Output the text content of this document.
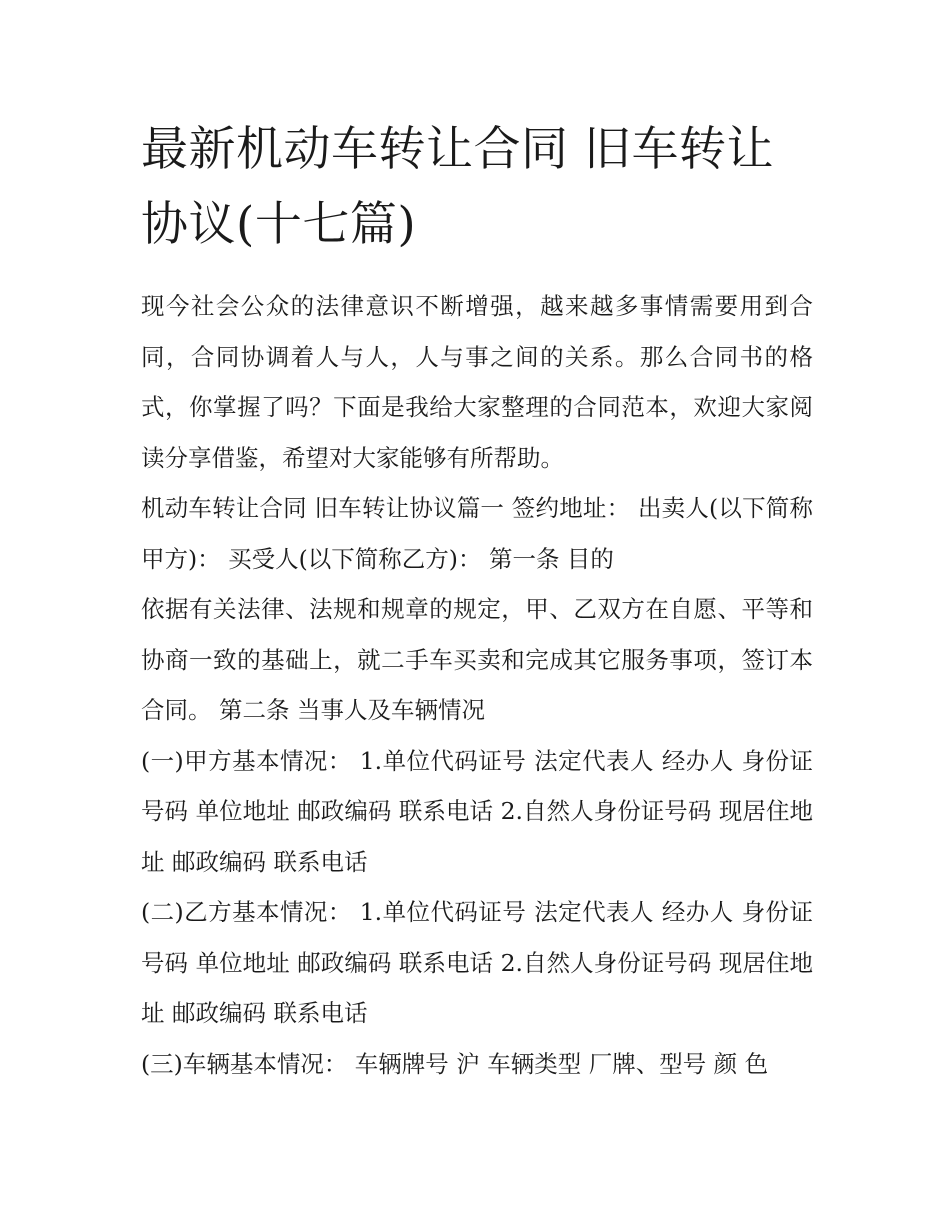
最新机动车转让合同 旧车转让协议(十七篇)

现今社会公众的法律意识不断增强，越来越多事情需要用到合同，合同协调着人与人，人与事之间的关系。那么合同书的格式，你掌握了吗？下面是我给大家整理的合同范本，欢迎大家阅读分享借鉴，希望对大家能够有所帮助。

机动车转让合同 旧车转让协议篇一 签约地址： 出卖人(以下简称甲方)： 买受人(以下简称乙方)： 第一条 目的

依据有关法律、法规和规章的规定，甲、乙双方在自愿、平等和协商一致的基础上，就二手车买卖和完成其它服务事项，签订本合同。 第二条 当事人及车辆情况

(一)甲方基本情况： 1.单位代码证号 法定代表人 经办人 身份证号码 单位地址 邮政编码 联系电话 2.自然人身份证号码 现居住地址 邮政编码 联系电话

(二)乙方基本情况： 1.单位代码证号 法定代表人 经办人 身份证号码 单位地址 邮政编码 联系电话 2.自然人身份证号码 现居住地址 邮政编码 联系电话

(三)车辆基本情况： 车辆牌号 沪 车辆类型 厂牌、型号 颜 色
